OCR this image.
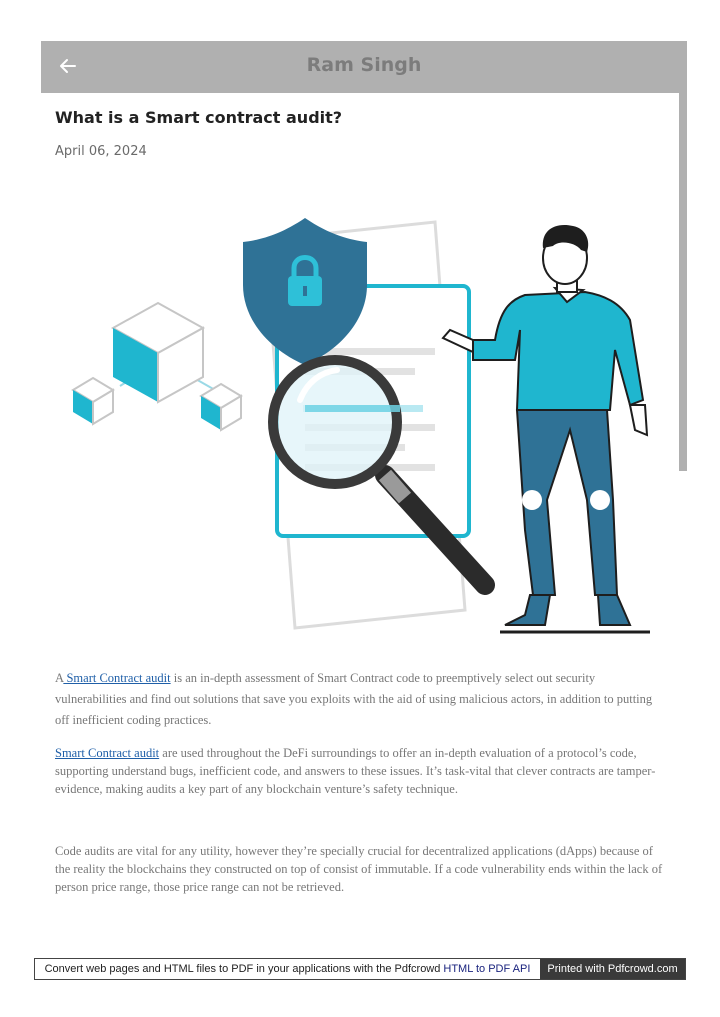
Ram Singh
What is a Smart contract audit?
April 06, 2024

A Smart Contract audit is an in-depth assessment of Smart Contract code to preemptively select out security vulnerabilities and find out solutions that save you exploits with the aid of using malicious actors, in addition to putting off inefficient coding practices.

Smart Contract audit are used throughout the DeFi surroundings to offer an in-depth evaluation of a protocol’s code, supporting understand bugs, inefficient code, and answers to these issues. It’s task-vital that clever contracts are tamper-evidence, making audits a key part of any blockchain venture’s safety technique.

Code audits are vital for any utility, however they’re specially crucial for decentralized applications (dApps) because of the reality the blockchains they constructed on top of consist of immutable. If a code vulnerability ends within the lack of person price range, those price range can not be retrieved.

Convert web pages and HTML files to PDF in your applications with the Pdfcrowd HTML to PDF API	Printed with Pdfcrowd.com
